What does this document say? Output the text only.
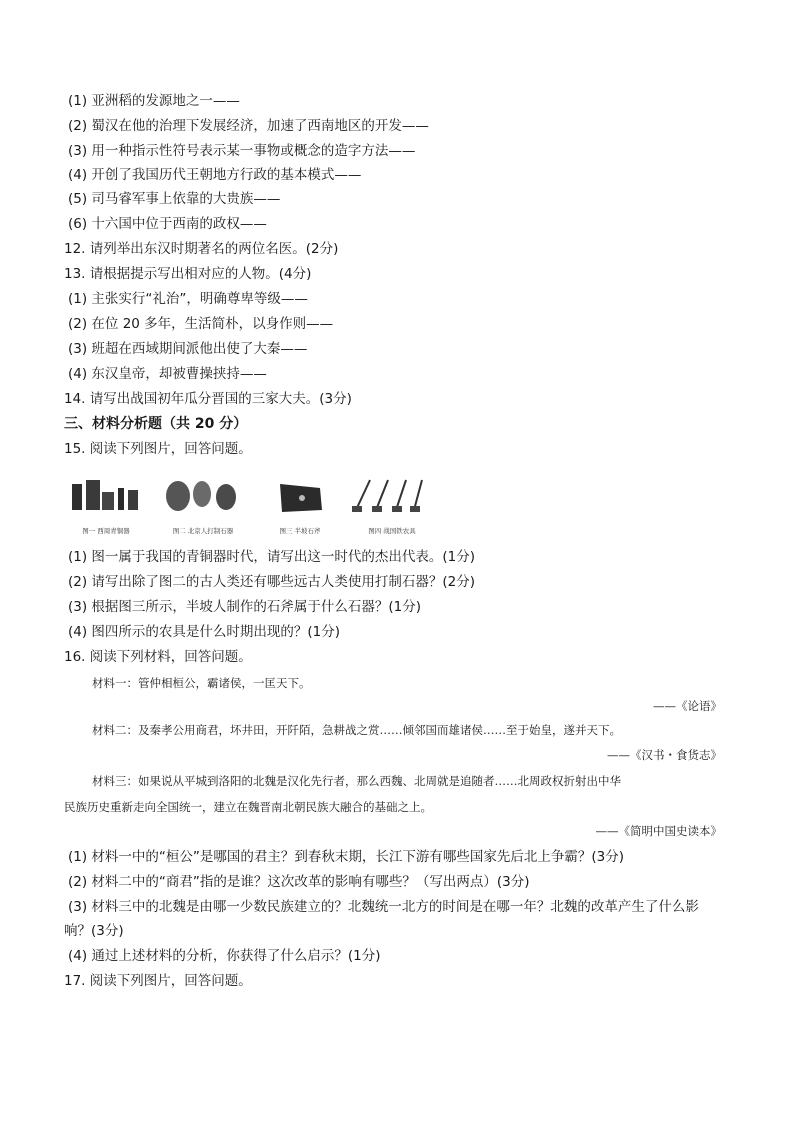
(1) 亚洲稻的发源地之一——
(2) 蜀汉在他的治理下发展经济，加速了西南地区的开发——
(3) 用一种指示性符号表示某一事物或概念的造字方法——
(4) 开创了我国历代王朝地方行政的基本模式——
(5) 司马睿军事上依靠的大贵族——
(6) 十六国中位于西南的政权——
12. 请列举出东汉时期著名的两位名医。(2分)
13. 请根据提示写出相对应的人物。(4分)
(1) 主张实行“礼治”，明确尊卑等级——
(2) 在位 20 多年，生活简朴，以身作则——
(3) 班超在西域期间派他出使了大秦——
(4) 东汉皇帝，却被曹操挟持——
14. 请写出战国初年瓜分晋国的三家大夫。(3分)
三、材料分析题（共 20 分）
15. 阅读下列图片，回答问题。
图一 西周青铜器	图二 北京人打制石器	图三 半坡石斧	图四 战国铁农具
(1) 图一属于我国的青铜器时代，请写出这一时代的杰出代表。(1分)
(2) 请写出除了图二的古人类还有哪些远古人类使用打制石器？(2分)
(3) 根据图三所示，半坡人制作的石斧属于什么石器？(1分)
(4) 图四所示的农具是什么时期出现的？(1分)
16. 阅读下列材料，回答问题。
材料一：管仲相桓公，霸诸侯，一匡天下。
——《论语》
材料二：及秦孝公用商君，坏井田，开阡陌，急耕战之赏……倾邻国而雄诸侯……至于始皇，遂并天下。
——《汉书・食货志》
材料三：如果说从平城到洛阳的北魏是汉化先行者，那么西魏、北周就是追随者……北周政权折射出中华
民族历史重新走向全国统一，建立在魏晋南北朝民族大融合的基础之上。
——《简明中国史读本》
(1) 材料一中的“桓公”是哪国的君主？到春秋末期，长江下游有哪些国家先后北上争霸？(3分)
(2) 材料二中的“商君”指的是谁？这次改革的影响有哪些？（写出两点）(3分)
(3) 材料三中的北魏是由哪一少数民族建立的？北魏统一北方的时间是在哪一年？北魏的改革产生了什么影
响？(3分)
(4) 通过上述材料的分析，你获得了什么启示？(1分)
17. 阅读下列图片，回答问题。
